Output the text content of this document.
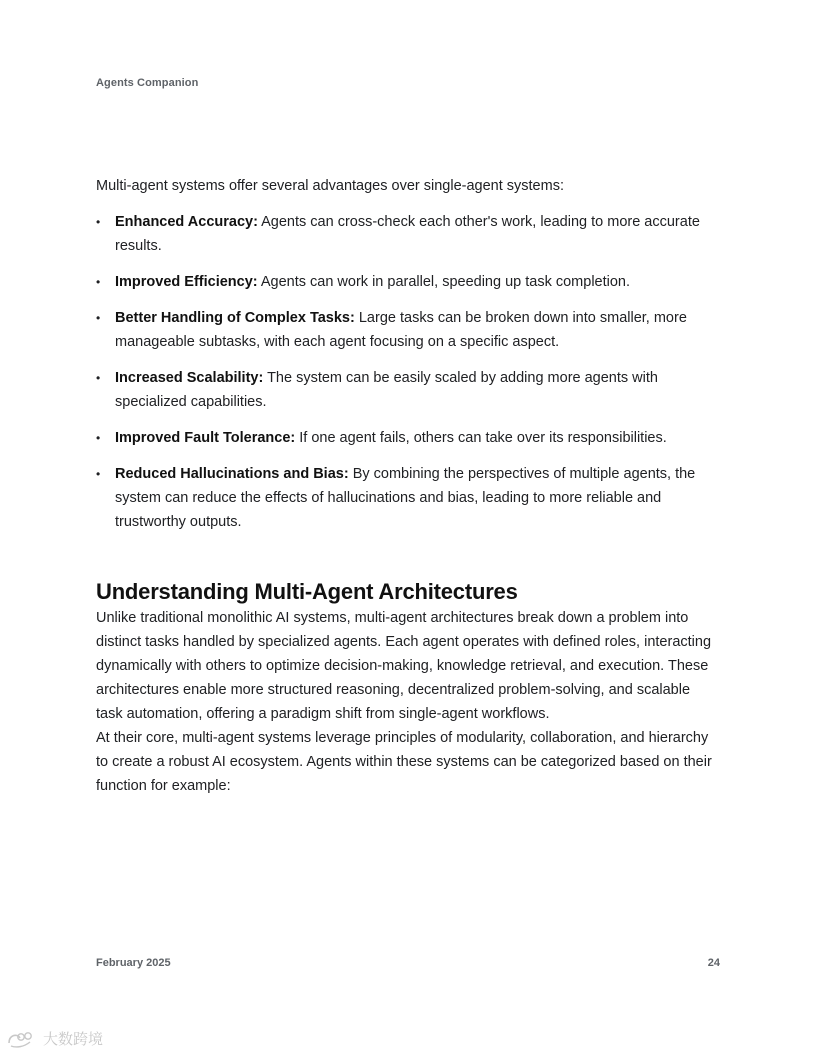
Agents Companion

Multi-agent systems offer several advantages over single-agent systems:

• Enhanced Accuracy: Agents can cross-check each other's work, leading to more accurate results.
• Improved Efficiency: Agents can work in parallel, speeding up task completion.
• Better Handling of Complex Tasks: Large tasks can be broken down into smaller, more manageable subtasks, with each agent focusing on a specific aspect.
• Increased Scalability: The system can be easily scaled by adding more agents with specialized capabilities.
• Improved Fault Tolerance: If one agent fails, others can take over its responsibilities.
• Reduced Hallucinations and Bias: By combining the perspectives of multiple agents, the system can reduce the effects of hallucinations and bias, leading to more reliable and trustworthy outputs.
Understanding Multi-Agent Architectures

Unlike traditional monolithic AI systems, multi-agent architectures break down a problem into distinct tasks handled by specialized agents. Each agent operates with defined roles, interacting dynamically with others to optimize decision-making, knowledge retrieval, and execution. These architectures enable more structured reasoning, decentralized problem-solving, and scalable task automation, offering a paradigm shift from single-agent workflows.

At their core, multi-agent systems leverage principles of modularity, collaboration, and hierarchy to create a robust AI ecosystem. Agents within these systems can be categorized based on their function for example:

February 2025	24
大数跨境
